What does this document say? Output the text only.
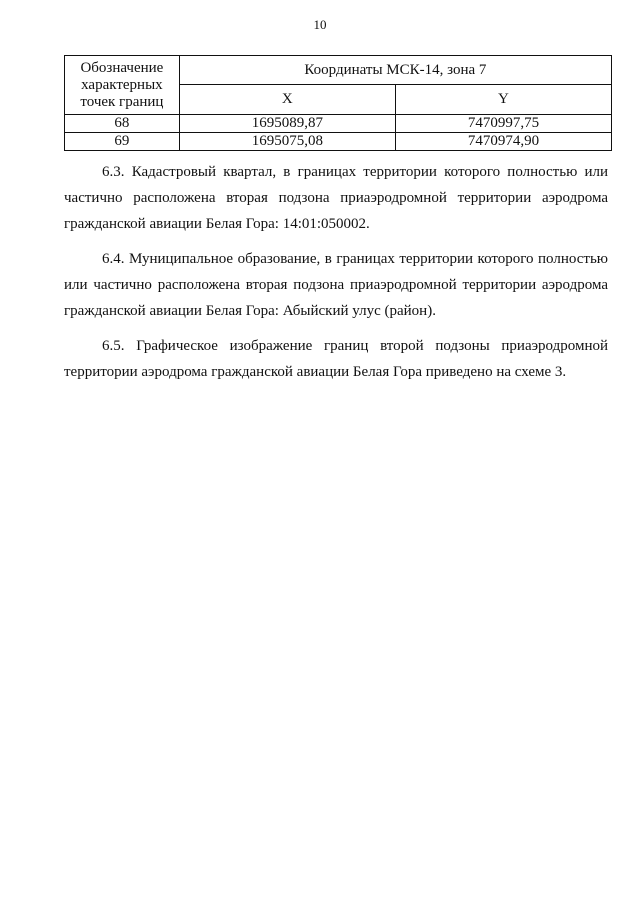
10
Обозначение
характерных
точек границ	Координаты МСК-14, зона 7	
	X	Y
68	1695089,87	7470997,75
69	1695075,08	7470974,90

6.3. Кадастровый квартал, в границах территории которого полностью или частично расположена вторая подзона приаэродромной территории аэродрома гражданской авиации Белая Гора: 14:01:050002.

6.4. Муниципальное образование, в границах территории которого полностью или частично расположена вторая подзона приаэродромной территории аэродрома гражданской авиации Белая Гора: Абыйский улус (район).

6.5. Графическое изображение границ второй подзоны приаэродромной территории аэродрома гражданской авиации Белая Гора приведено на схеме 3.
